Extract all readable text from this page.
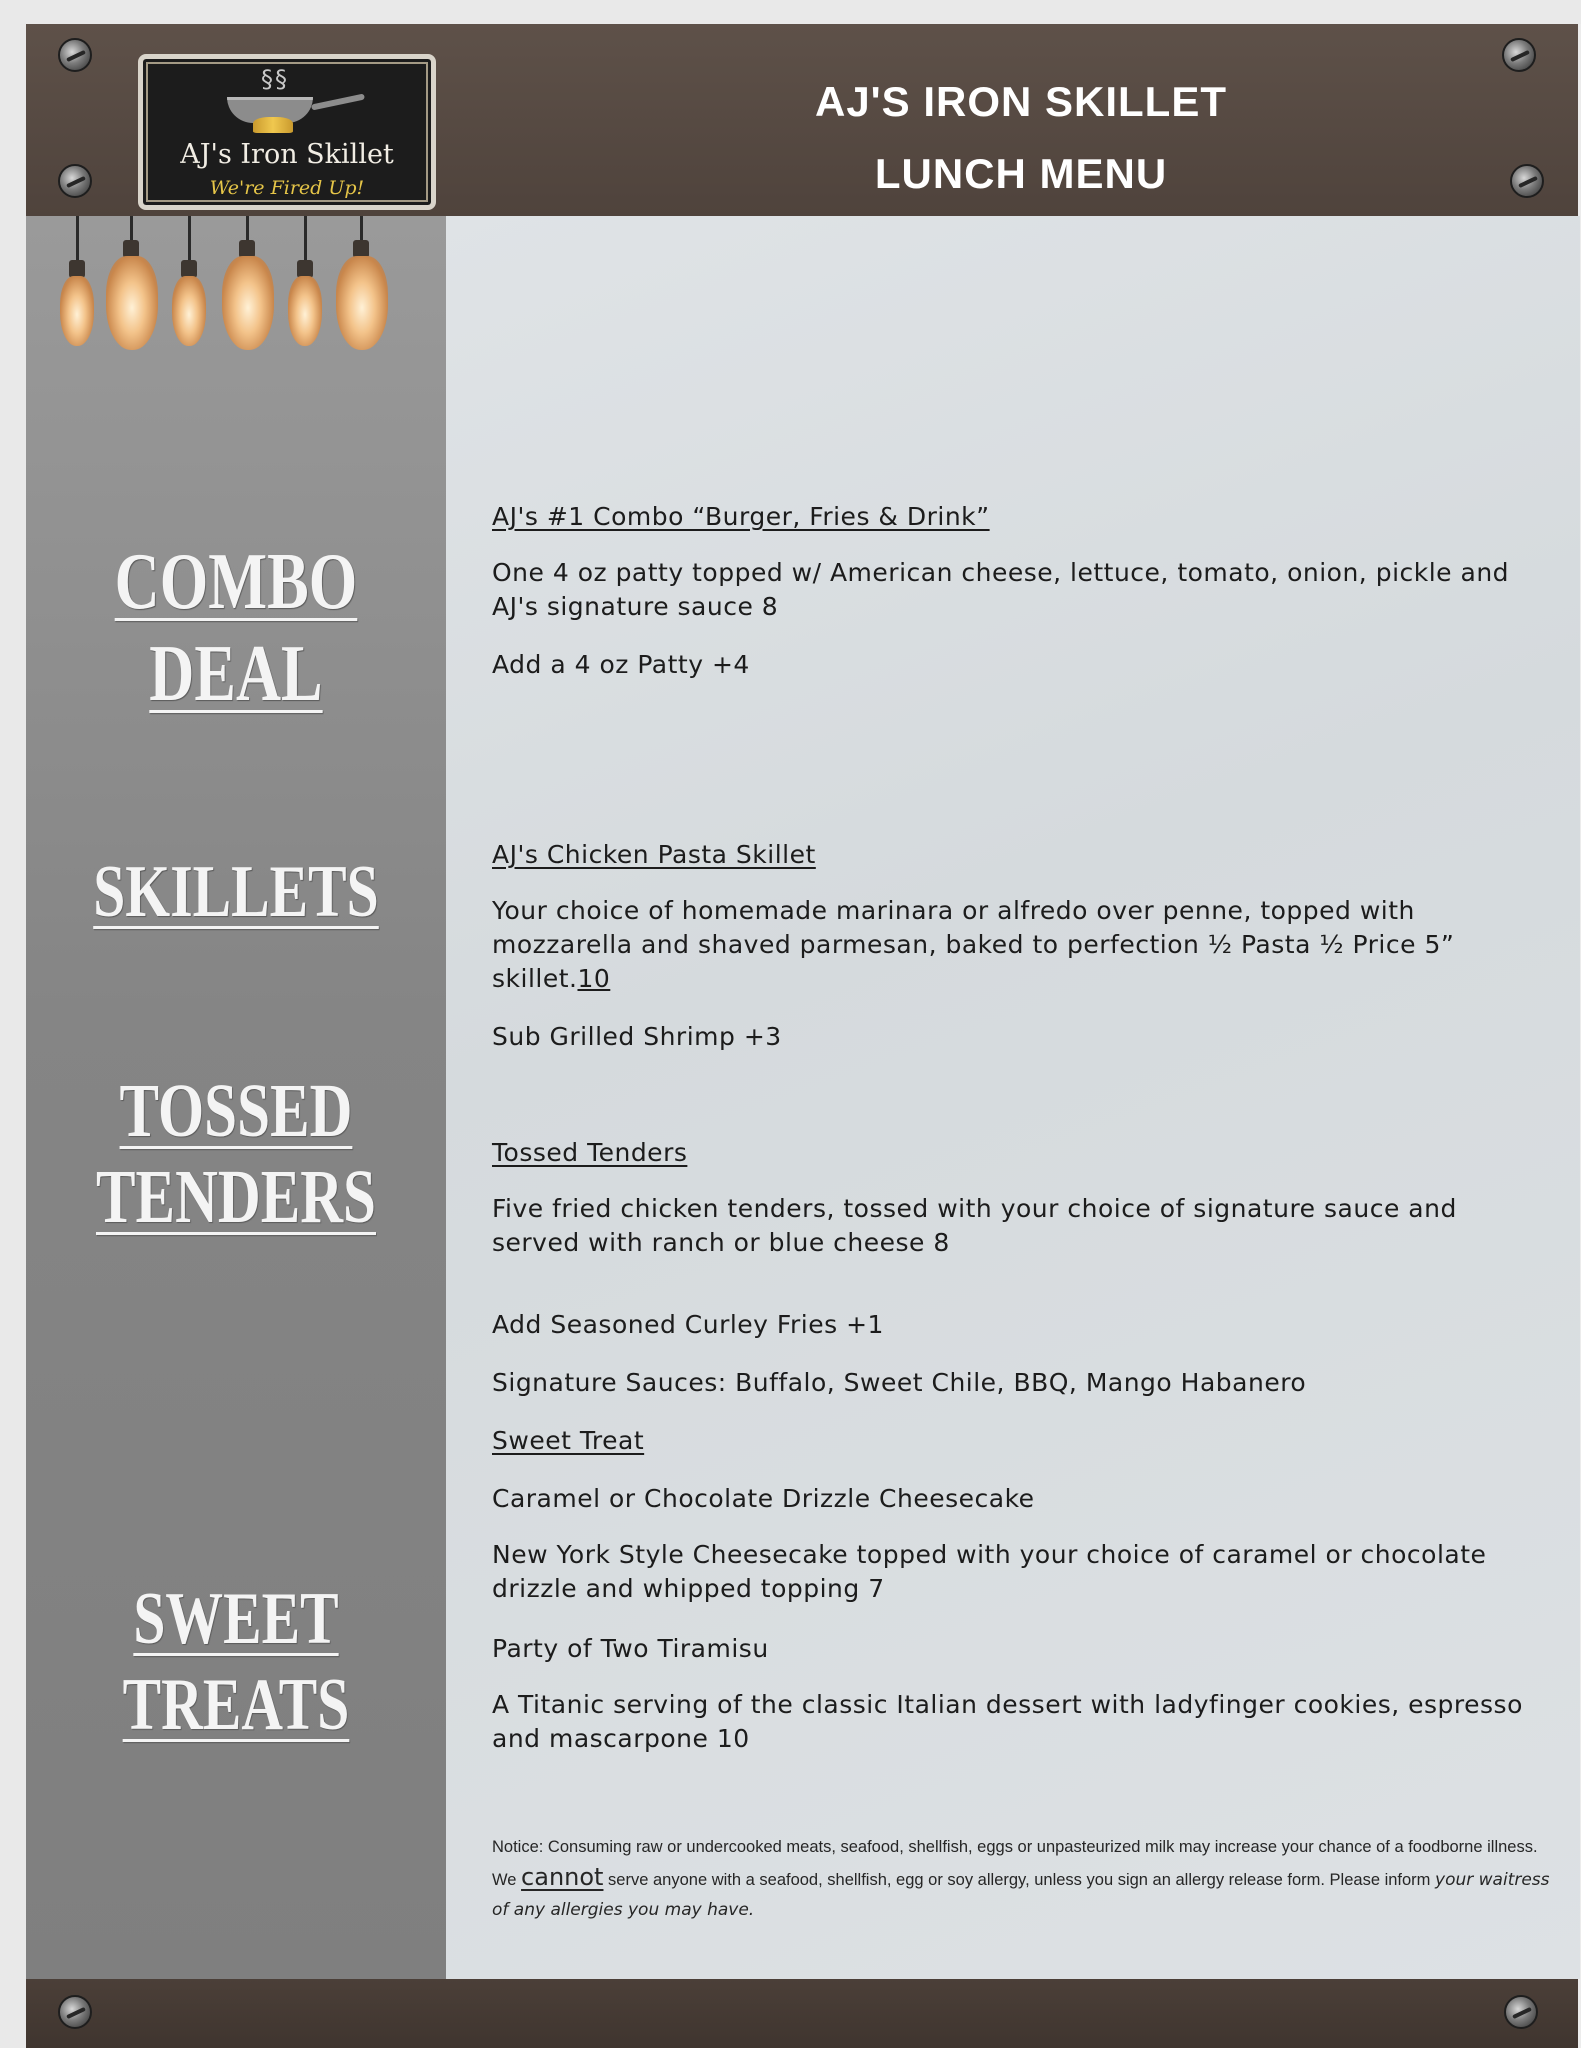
§§
AJ's Iron Skillet
We're Fired Up!
AJ'S IRON SKILLET
LUNCH MENU
COMBO DEAL
SKILLETS
TOSSED
TENDERS
SWEET
TREATS
AJ's #1 Combo “Burger, Fries & Drink”
One 4 oz patty topped w/ American cheese, lettuce, tomato, onion, pickle and AJ's signature sauce 8
Add a 4 oz Patty +4
AJ's Chicken Pasta Skillet
Your choice of homemade marinara or alfredo over penne, topped with mozzarella and shaved parmesan, baked to perfection ½ Pasta ½ Price 5” skillet.10
Sub Grilled Shrimp +3
Tossed Tenders
Five fried chicken tenders, tossed with your choice of signature sauce and served with ranch or blue cheese 8
Add Seasoned Curley Fries +1
Signature Sauces: Buffalo, Sweet Chile, BBQ, Mango Habanero
Sweet Treat
Caramel or Chocolate Drizzle Cheesecake
New York Style Cheesecake topped with your choice of caramel or chocolate drizzle and whipped topping 7
Party of Two Tiramisu
A Titanic serving of the classic Italian dessert with ladyfinger cookies, espresso and mascarpone 10
Notice: Consuming raw or undercooked meats, seafood, shellfish, eggs or unpasteurized milk may increase your chance of a foodborne illness. We cannot serve anyone with a seafood, shellfish, egg or soy allergy, unless you sign an allergy release form. Please inform your waitress of any allergies you may have.
